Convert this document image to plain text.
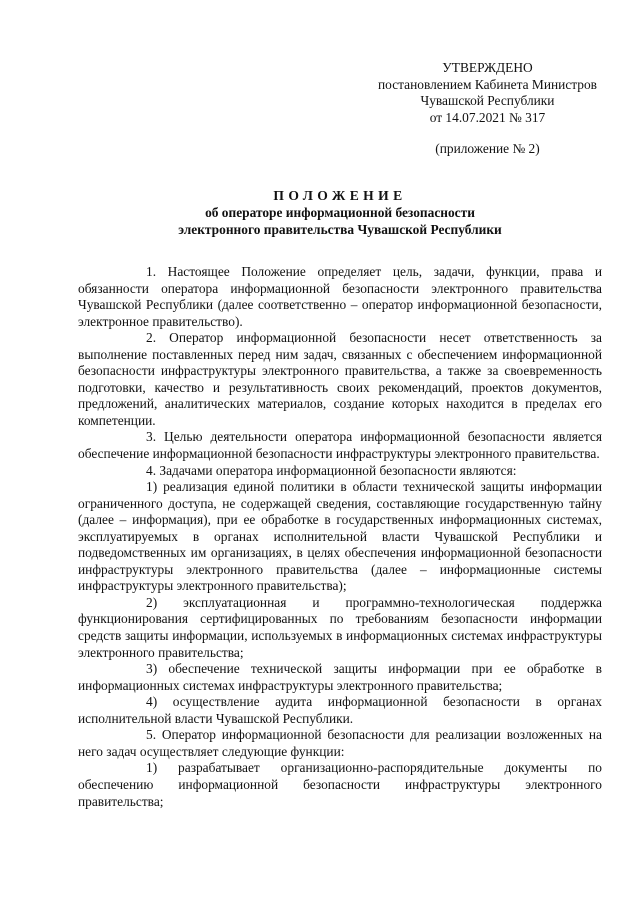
УТВЕРЖДЕНО
постановлением Кабинета Министров
Чувашской Республики
от 14.07.2021 № 317
(приложение № 2)
ПОЛОЖЕНИЕ
об операторе информационной безопасности
электронного правительства Чувашской Республики

1. Настоящее Положение определяет цель, задачи, функции, права и обязанности оператора информационной безопасности электронного правительства Чувашской Республики (далее соответственно – оператор информационной безопасности, электронное правительство).

2. Оператор информационной безопасности несет ответственность за выполнение поставленных перед ним задач, связанных с обеспечением информационной безопасности инфраструктуры электронного правительства, а также за своевременность подготовки, качество и результативность своих рекомендаций, проектов документов, предложений, аналитических материалов, создание которых находится в пределах его компетенции.

3. Целью деятельности оператора информационной безопасности является обеспечение информационной безопасности инфраструктуры электронного правительства.

4. Задачами оператора информационной безопасности являются:

1) реализация единой политики в области технической защиты информации ограниченного доступа, не содержащей сведения, составляющие государственную тайну (далее – информация), при ее обработке в государственных информационных системах, эксплуатируемых в органах исполнительной власти Чувашской Республики и подведомственных им организациях, в целях обеспечения информационной безопасности инфраструктуры электронного правительства (далее – информационные системы инфраструктуры электронного правительства);

2) эксплуатационная и программно-технологическая поддержка функционирования сертифицированных по требованиям безопасности информации средств защиты информации, используемых в информационных системах инфраструктуры электронного правительства;

3) обеспечение технической защиты информации при ее обработке в информационных системах инфраструктуры электронного правительства;

4) осуществление аудита информационной безопасности в органах исполнительной власти Чувашской Республики.

5. Оператор информационной безопасности для реализации возложенных на него задач осуществляет следующие функции:

1) разрабатывает организационно-распорядительные документы по обеспечению информационной безопасности инфраструктуры электронного правительства;
